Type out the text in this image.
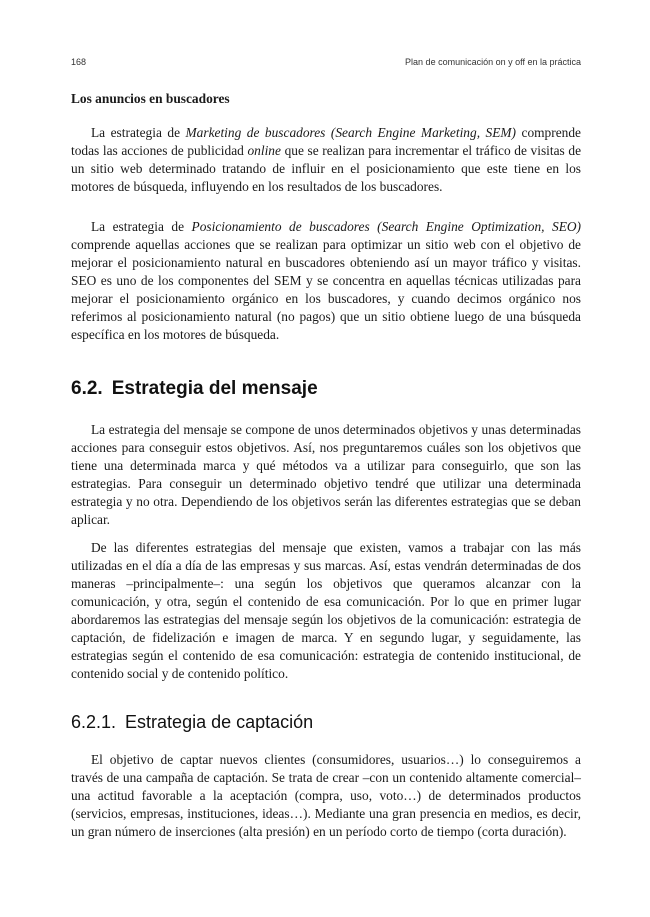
168	Plan de comunicación on y off en la práctica
Los anuncios en buscadores

La estrategia de Marketing de buscadores (Search Engine Marketing, SEM) comprende todas las acciones de publicidad online que se realizan para incrementar el tráfico de visitas de un sitio web determinado tratando de influir en el posicionamiento que este tiene en los motores de búsqueda, influyendo en los resultados de los buscadores.

La estrategia de Posicionamiento de buscadores (Search Engine Optimization, SEO) comprende aquellas acciones que se realizan para optimizar un sitio web con el objetivo de mejorar el posicionamiento natural en buscadores obteniendo así un mayor tráfico y visitas. SEO es uno de los componentes del SEM y se concentra en aquellas técnicas utilizadas para mejorar el posicionamiento orgánico en los buscadores, y cuando decimos orgánico nos referimos al posicionamiento natural (no pagos) que un sitio obtiene luego de una búsqueda específica en los motores de búsqueda.

6.2. Estrategia del mensaje

La estrategia del mensaje se compone de unos determinados objetivos y unas determinadas acciones para conseguir estos objetivos. Así, nos preguntaremos cuáles son los objetivos que tiene una determinada marca y qué métodos va a utilizar para conseguirlo, que son las estrategias. Para conseguir un determinado objetivo tendré que utilizar una determinada estrategia y no otra. Dependiendo de los objetivos serán las diferentes estrategias que se deban aplicar.

De las diferentes estrategias del mensaje que existen, vamos a trabajar con las más utilizadas en el día a día de las empresas y sus marcas. Así, estas vendrán determinadas de dos maneras –principalmente–: una según los objetivos que queramos alcanzar con la comunicación, y otra, según el contenido de esa comunicación. Por lo que en primer lugar abordaremos las estrategias del mensaje según los objetivos de la comunicación: estrategia de captación, de fidelización e imagen de marca. Y en segundo lugar, y seguidamente, las estrategias según el contenido de esa comunicación: estrategia de contenido institucional, de contenido social y de contenido político.

6.2.1. Estrategia de captación

El objetivo de captar nuevos clientes (consumidores, usuarios…) lo conseguiremos a través de una campaña de captación. Se trata de crear –con un contenido altamente comercial– una actitud favorable a la aceptación (compra, uso, voto…) de determinados productos (servicios, empresas, instituciones, ideas…). Mediante una gran presencia en medios, es decir, un gran número de inserciones (alta presión) en un período corto de tiempo (corta duración).
